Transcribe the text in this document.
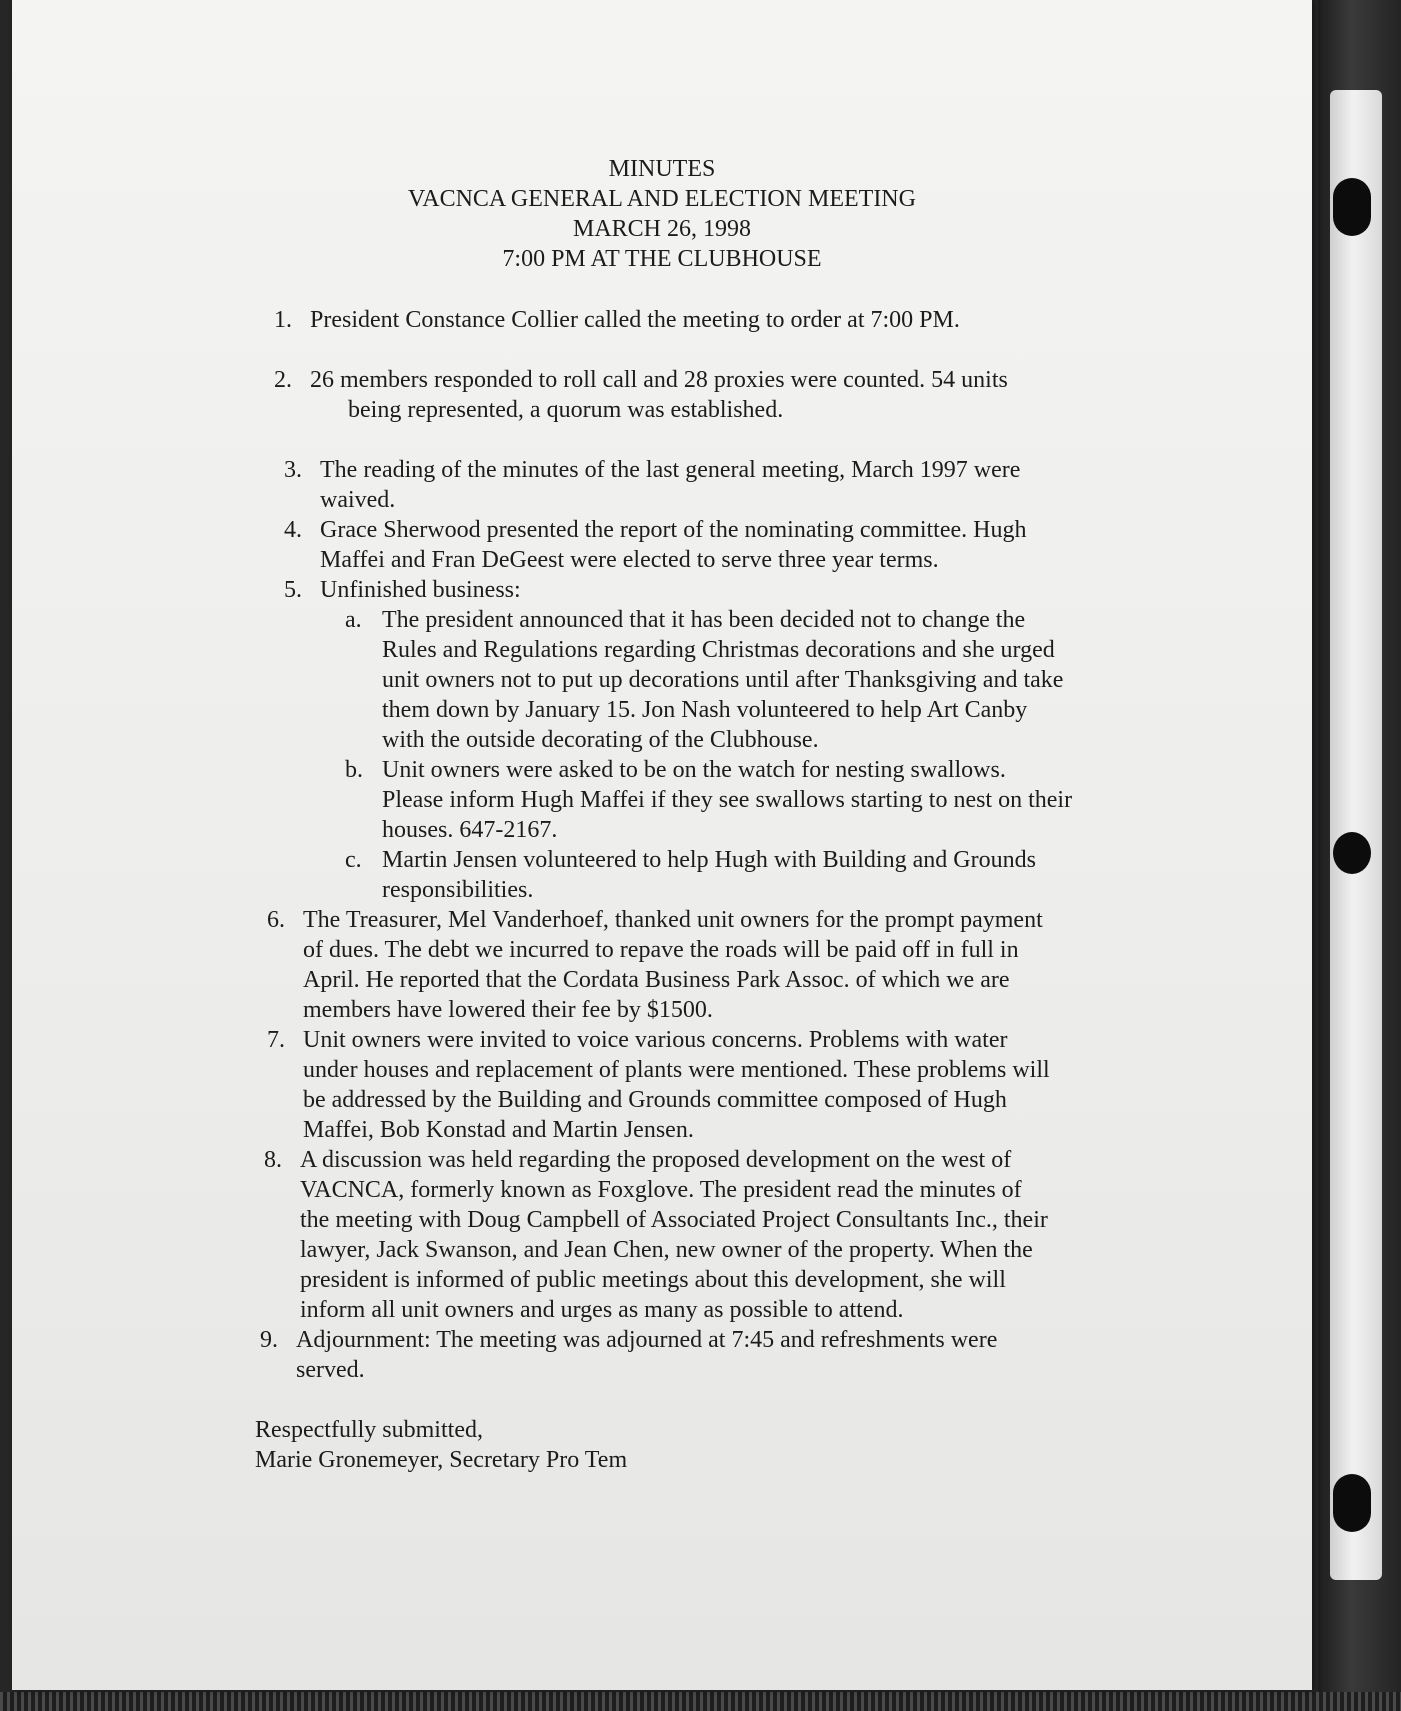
MINUTES
VACNCA GENERAL AND ELECTION MEETING
MARCH 26, 1998
7:00 PM AT THE CLUBHOUSE
1. President Constance Collier called the meeting to order at 7:00 PM.
2. 26 members responded to roll call and 28 proxies were counted. 54 units
being represented, a quorum was established.
3. The reading of the minutes of the last general meeting, March 1997 were
waived.
4. Grace Sherwood presented the report of the nominating committee. Hugh
Maffei and Fran DeGeest were elected to serve three year terms.
5. Unfinished business:
a. The president announced that it has been decided not to change the
Rules and Regulations regarding Christmas decorations and she urged
unit owners not to put up decorations until after Thanksgiving and take
them down by January 15. Jon Nash volunteered to help Art Canby
with the outside decorating of the Clubhouse.
b. Unit owners were asked to be on the watch for nesting swallows.
Please inform Hugh Maffei if they see swallows starting to nest on their
houses. 647-2167.
c. Martin Jensen volunteered to help Hugh with Building and Grounds
responsibilities.
6. The Treasurer, Mel Vanderhoef, thanked unit owners for the prompt payment
of dues. The debt we incurred to repave the roads will be paid off in full in
April. He reported that the Cordata Business Park Assoc. of which we are
members have lowered their fee by $1500.
7. Unit owners were invited to voice various concerns. Problems with water
under houses and replacement of plants were mentioned. These problems will
be addressed by the Building and Grounds committee composed of Hugh
Maffei, Bob Konstad and Martin Jensen.
8. A discussion was held regarding the proposed development on the west of
VACNCA, formerly known as Foxglove. The president read the minutes of
the meeting with Doug Campbell of Associated Project Consultants Inc., their
lawyer, Jack Swanson, and Jean Chen, new owner of the property. When the
president is informed of public meetings about this development, she will
inform all unit owners and urges as many as possible to attend.
9. Adjournment: The meeting was adjourned at 7:45 and refreshments were
served.
Respectfully submitted,
Marie Gronemeyer, Secretary Pro Tem
